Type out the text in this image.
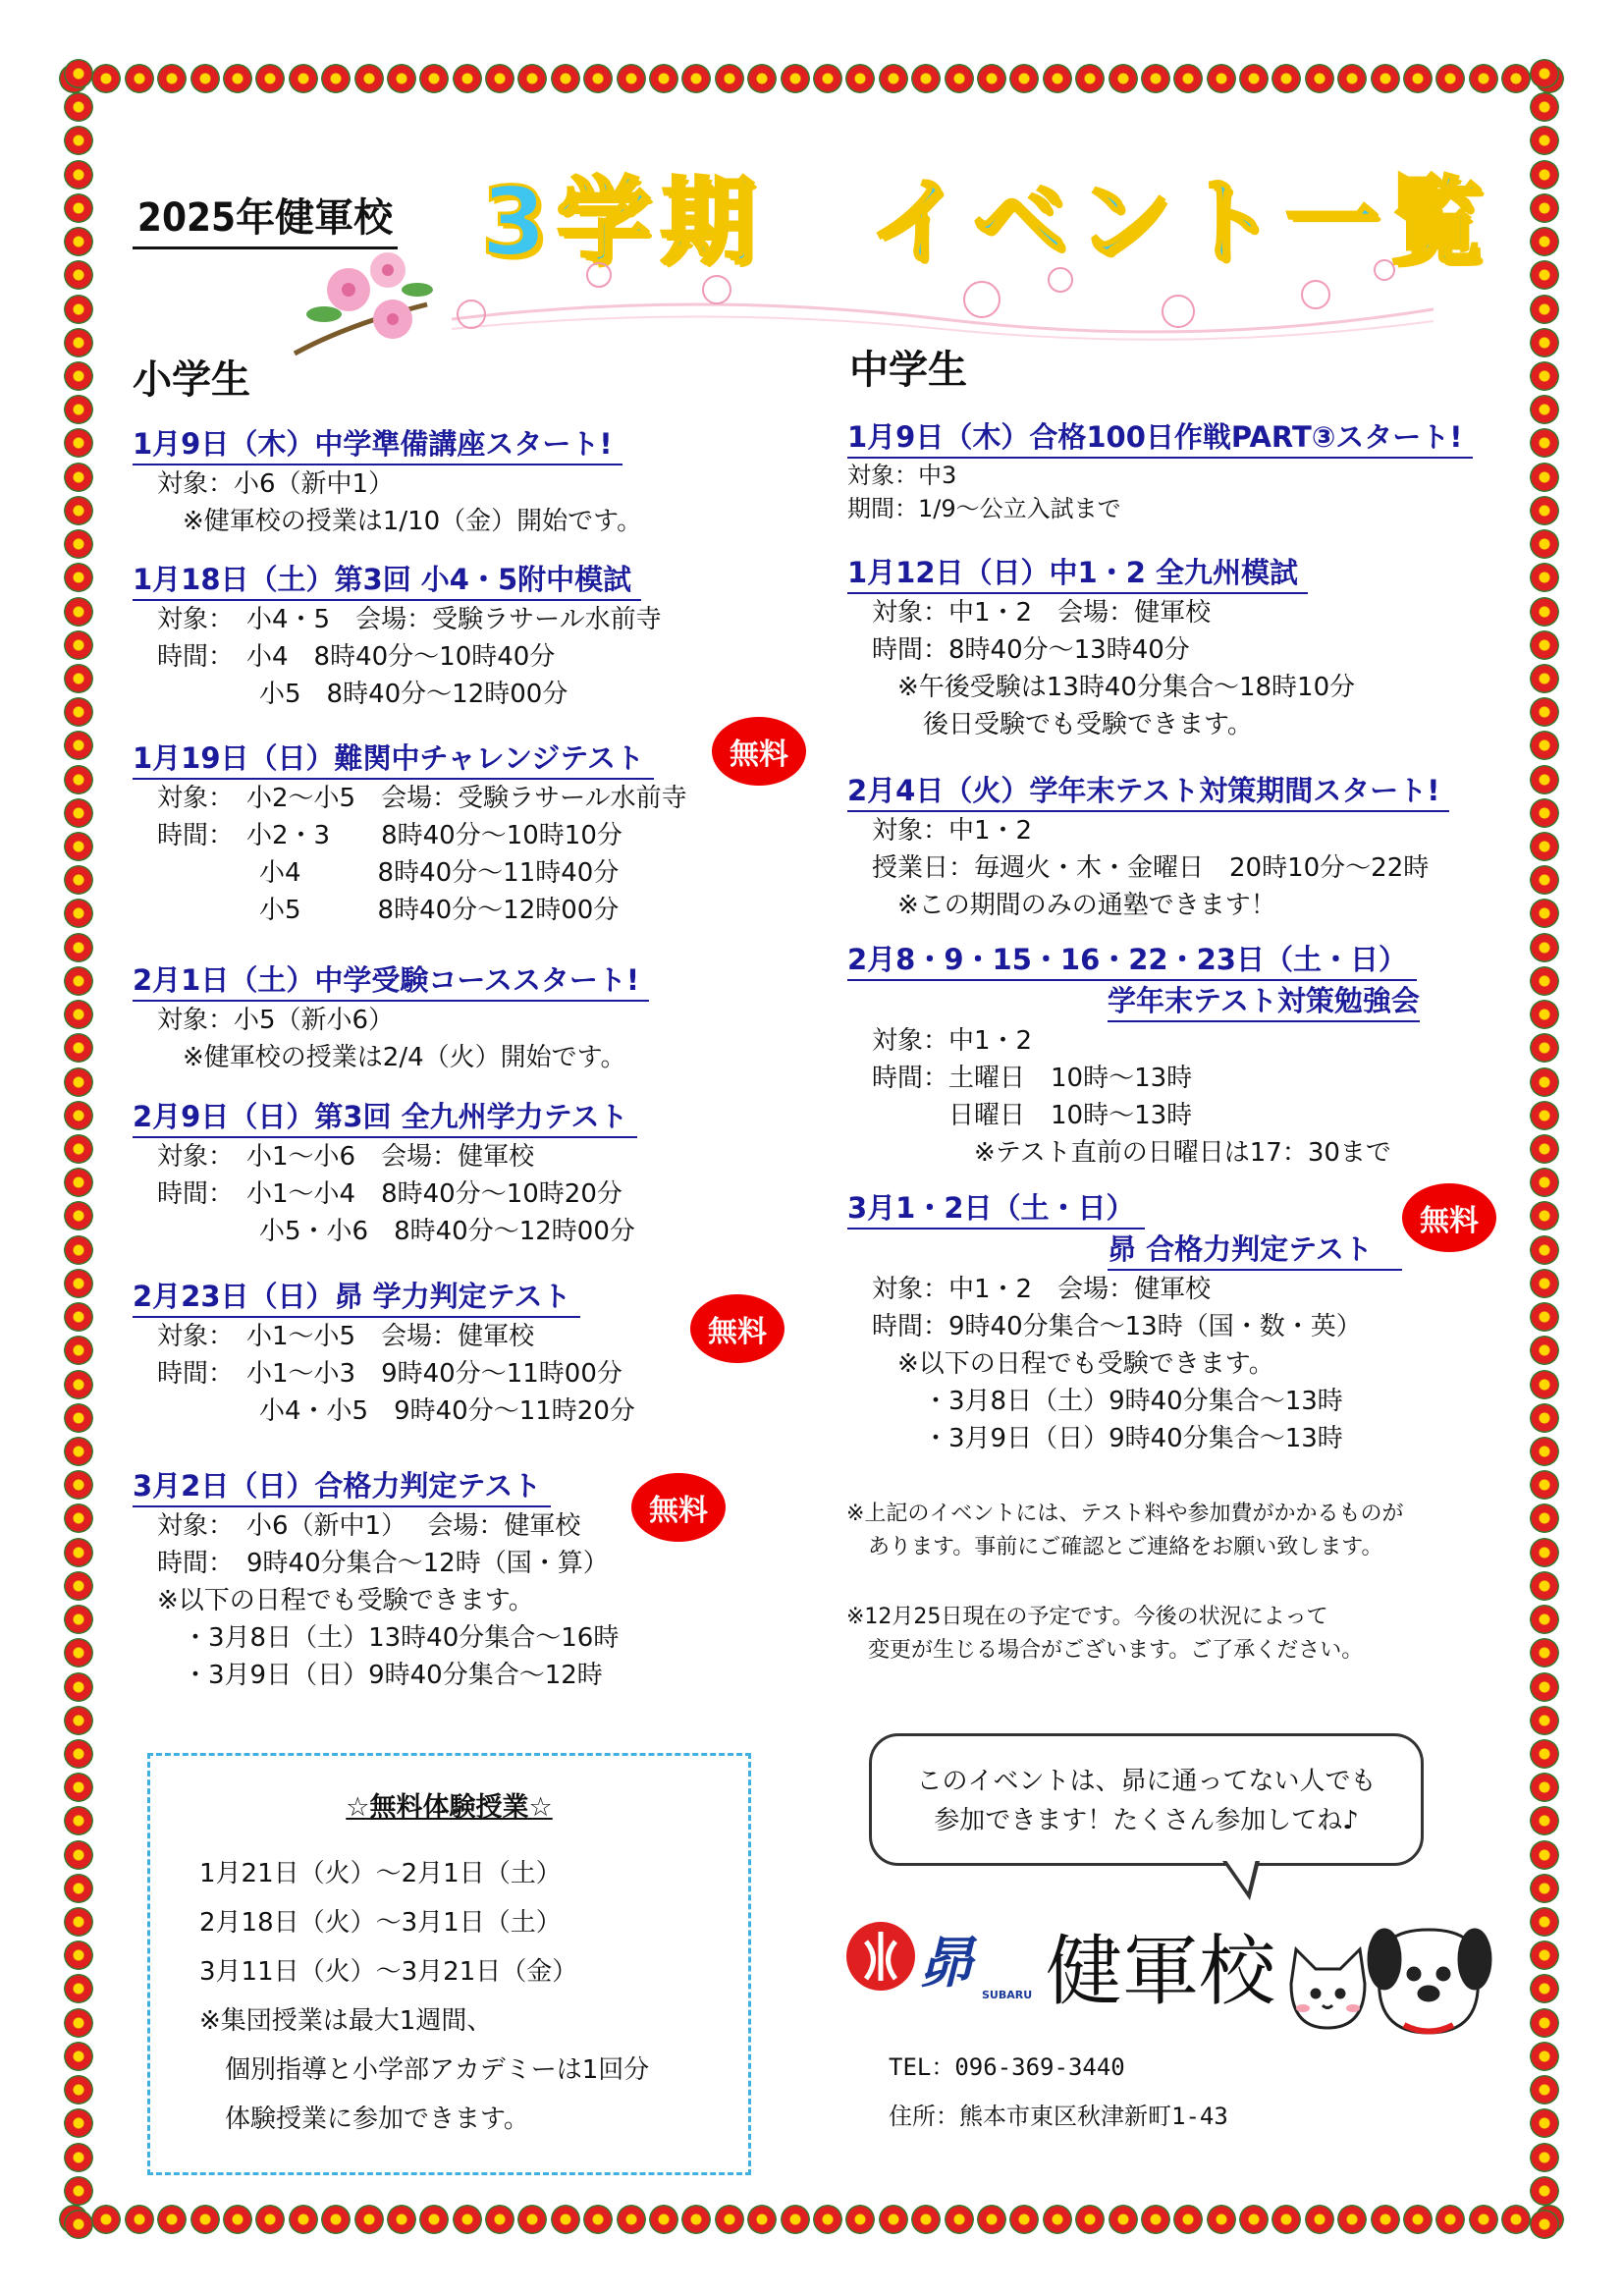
2025年健軍校 3学期　イベント一覧
小学生	中学生
1月9日（木）中学準備講座スタート!
対象：小6（新中1）
　※健軍校の授業は1/10（金）開始です。
1月18日（土）第3回 小4・5附中模試
対象：　小4・5　会場：受験ラサール水前寺
時間：　小4　8時40分～10時40分
　　　　小5　8時40分～12時00分
1月19日（日）難関中チャレンジテスト
対象：　小2～小5　会場：受験ラサール水前寺
時間：　小2・3　　8時40分～10時10分
　　　　小4　　　8時40分～11時40分
　　　　小5　　　8時40分～12時00分
無料
2月1日（土）中学受験コーススタート!
対象：小5（新小6）
　※健軍校の授業は2/4（火）開始です。
2月9日（日）第3回 全九州学力テスト
対象：　小1～小6　会場：健軍校
時間：　小1～小4　8時40分～10時20分
　　　　小5・小6　8時40分～12時00分
2月23日（日）昴 学力判定テスト
対象：　小1～小5　会場：健軍校
時間：　小1～小3　9時40分～11時00分
　　　　小4・小5　9時40分～11時20分
無料
3月2日（日）合格力判定テスト
対象：　小6（新中1）　 会場：健軍校
時間：　9時40分集合～12時（国・算）
※以下の日程でも受験できます。
　・3月8日（土）13時40分集合～16時
　・3月9日（日）9時40分集合～12時
無料
1月9日（木）合格100日作戦PART③スタート!
対象：中3
期間：1/9～公立入試まで
1月12日（日）中1・2 全九州模試
対象：中1・2　会場：健軍校
時間：8時40分～13時40分
　※午後受験は13時40分集合～18時10分
　　後日受験でも受験できます。
2月4日（火）学年末テスト対策期間スタート!
対象：中1・2
授業日：毎週火・木・金曜日　20時10分～22時
　※この期間のみの通塾できます！
2月8・9・15・16・22・23日（土・日）
学年末テスト対策勉強会
対象：中1・2
時間：土曜日　10時～13時
　　　日曜日　10時～13時
　　　　※テスト直前の日曜日は17：30まで
3月1・2日（土・日）
昴 合格力判定テスト
対象：中1・2　会場：健軍校
時間：9時40分集合～13時（国・数・英）
　※以下の日程でも受験できます。
　　・3月8日（土）9時40分集合～13時
　　・3月9日（日）9時40分集合～13時
無料
※上記のイベントには、テスト料や参加費がかかるものが
　あります。事前にご確認とご連絡をお願い致します。
※12月25日現在の予定です。今後の状況によって
　変更が生じる場合がございます。ご了承ください。
☆無料体験授業☆
1月21日（火）～2月1日（土）
2月18日（火）～3月1日（土）
3月11日（火）～3月21日（金）
※集団授業は最大1週間、
　個別指導と小学部アカデミーは1回分
　体験授業に参加できます。
このイベントは、昴に通ってない人でも
参加できます！たくさん参加してね♪
昴 SUBARU 健軍校
TEL：096-369-3440
住所：熊本市東区秋津新町1-43
